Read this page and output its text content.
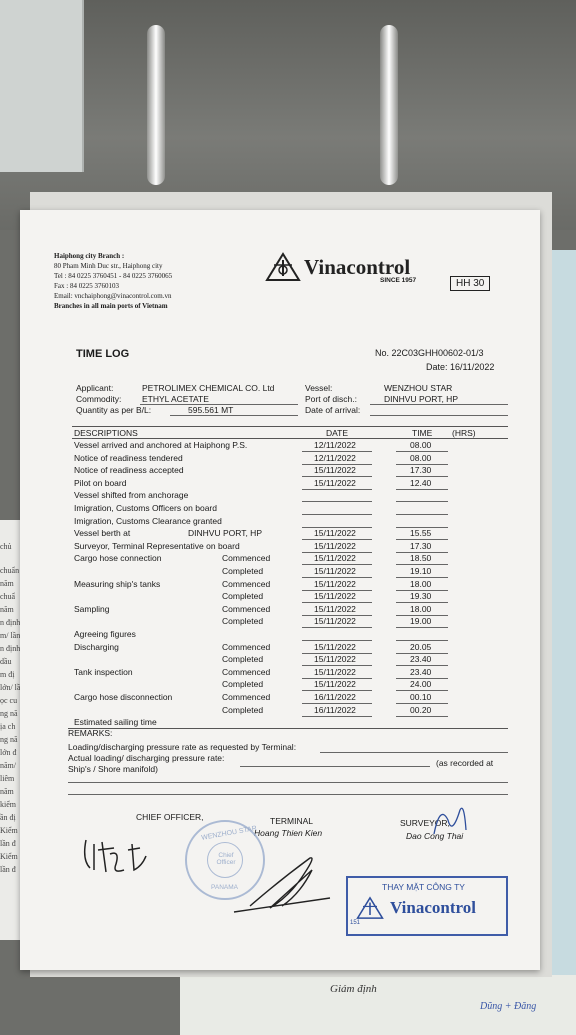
chủ
chuẩn
năm
chuẩ
năm
n định
m/ lần
n định
dầu
m đị
lớn/ lầ
ọc cu
ng nă
ịa ch
ng nă
lớn đ
năm/
liêm
năm
kiểm
ần đị
Kiểm
lần đ
Kiểm
lần đ
Giám định
Dũng + Đăng
Haiphong city Branch :
80 Pham Minh Duc str., Haiphong city
Tel : 84 0225 3760451 - 84 0225 3760065
Fax : 84 0225 3760103
Email: vnchaiphong@vinacontrol.com.vn
Branches in all main ports of Vietnam
Vinacontrol
SINCE 1957	HH 30
TIME LOG	No. 22C03GHH00602-01/3
Date: 16/11/2022
Applicant:	PETROLIMEX CHEMICAL CO. Ltd
Commodity: ETHYL ACETATE
Quantity as per B/L:	595.561 MT
Vessel:	WENZHOU STAR
Port of disch.:	DINHVU PORT, HP
Date of arrival:
DESCRIPTIONS	DATE	TIME (HRS)
Vessel arrived and anchored at Haiphong P.S.	12/11/2022	08.00
Notice of readiness tendered	12/11/2022	08.00
Notice of readiness accepted	15/11/2022	17.30
Pilot on board	15/11/2022	12.40
Vessel shifted from anchorage
Imigration, Customs Officers on board
Imigration, Customs Clearance granted
Vessel berth at	DINHVU PORT, HP	15/11/2022	15.55
Surveyor, Terminal Representative on board	15/11/2022	17.30
Cargo hose connection	Commenced	15/11/2022	18.50
Completed	15/11/2022	19.10
Measuring ship's tanks	Commenced	15/11/2022	18.00
Completed	15/11/2022	19.30
Sampling	Commenced	15/11/2022	18.00
Completed	15/11/2022	19.00
Agreeing figures
Discharging	Commenced	15/11/2022	20.05
Completed	15/11/2022	23.40
Tank inspection	Commenced	15/11/2022	23.40
Completed	15/11/2022	24.00
Cargo hose disconnection	Commenced	16/11/2022	00.10
Completed	16/11/2022	00.20
Estimated sailing time
REMARKS:
Loading/discharging pressure rate as requested by Terminal:
Actual loading/ discharging pressure rate:	(as recorded at
Ship's / Shore manifold)
CHIEF OFFICER,	TERMINAL
Hoang Thien Kien
SURVEYOR,
Dao Cong Thai
WENZHOU STAR
Chief Officer
PANAMA	THAY MẶT CÔNG TY
Vinacontrol
151
